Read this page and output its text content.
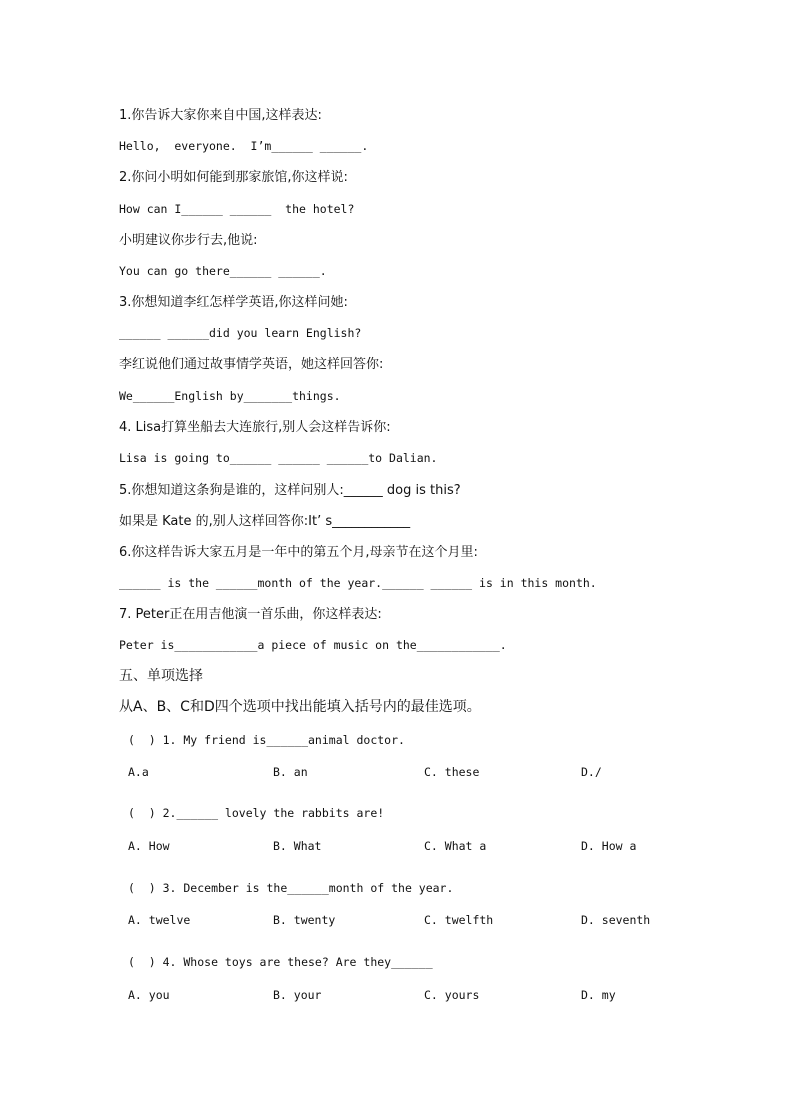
1.你告诉大家你来自中国,这样表达:
Hello,  everyone.  I’m______ ______.
2.你问小明如何能到那家旅馆,你这样说:
How can I______ ______  the hotel?
小明建议你步行去,他说:
You can go there______ ______.
3.你想知道李红怎样学英语,你这样问她:
______ ______did you learn English?
李红说他们通过故事情学英语，她这样回答你:
We______English by_______things.
4. Lisa打算坐船去大连旅行,别人会这样告诉你:
Lisa is going to______ ______ ______to Dalian.
5.你想知道这条狗是谁的，这样问别人:______ dog is this?
如果是 Kate 的,别人这样回答你:It’ s____________
6.你这样告诉大家五月是一年中的第五个月,母亲节在这个月里:
______ is the ______month of the year.______ ______ is in this month.
7. Peter正在用吉他演一首乐曲，你这样表达:
Peter is____________a piece of music on the____________.
五、单项选择
从A、B、C和D四个选项中找出能填入括号内的最佳选项。
(  ) 1. My friend is______animal doctor.
A.a	B. an	C. these	D./
(  ) 2.______ lovely the rabbits are!
A. How	B. What	C. What a	D. How a
(  ) 3. December is the______month of the year.
A. twelve	B. twenty	C. twelfth	D. seventh
(  ) 4. Whose toys are these? Are they______
A. you	B. your	C. yours	D. my
